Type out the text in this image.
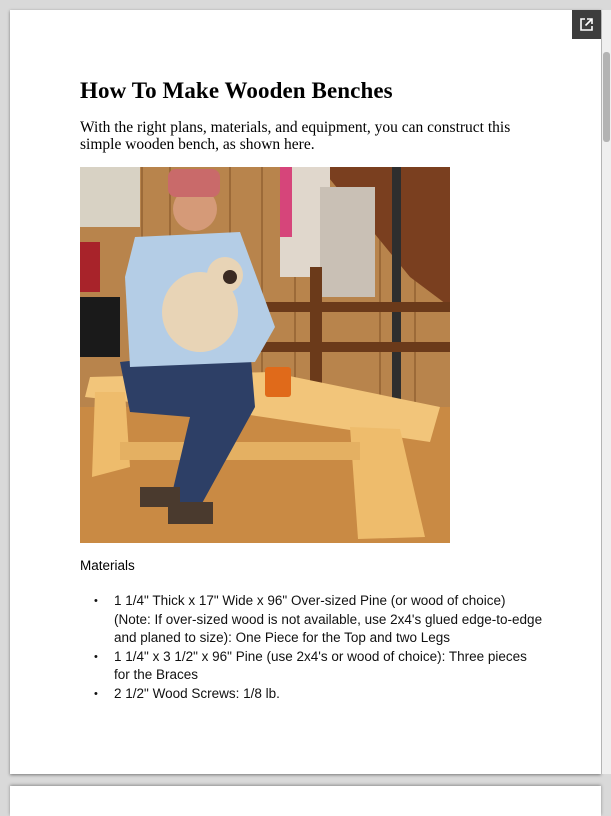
How To Make Wooden Benches

With the right plans, materials, and equipment, you can construct this simple wooden bench, as shown here.

Materials

• 1 1/4" Thick x 17" Wide x 96" Over-sized Pine (or wood of choice) (Note: If over-sized wood is not available, use 2x4's glued edge-to-edge and planed to size): One Piece for the Top and two Legs
• 1 1/4" x 3 1/2" x 96" Pine (use 2x4's or wood of choice): Three pieces for the Braces
• 2 1/2" Wood Screws: 1/8 lb.
